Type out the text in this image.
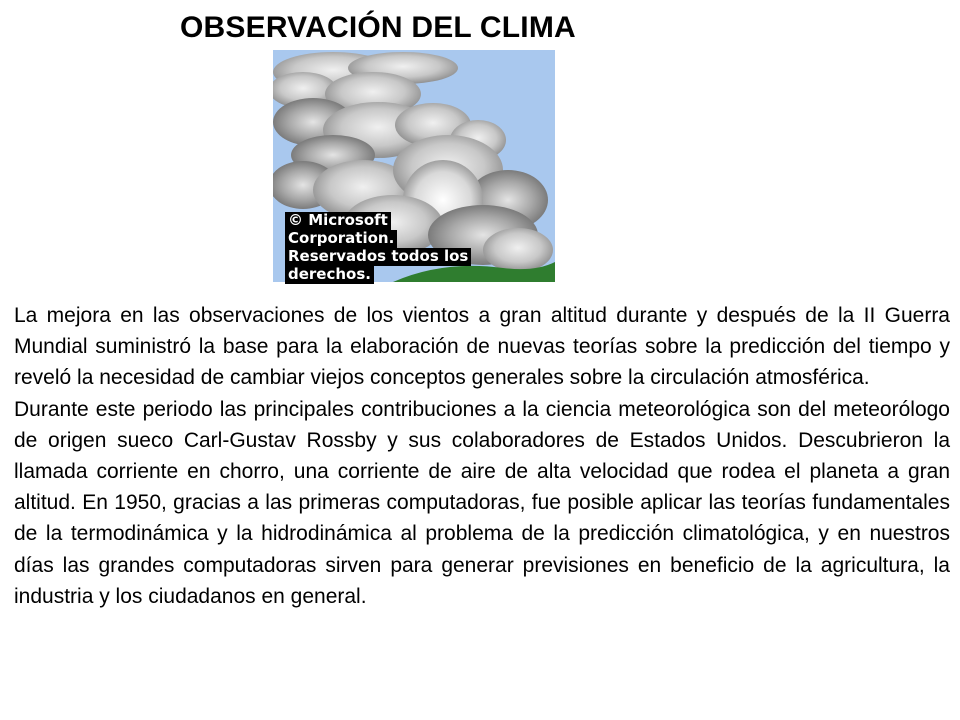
OBSERVACIÓN DEL CLIMA
© Microsoft
Corporation.
Reservados todos los
derechos.

La mejora en las observaciones de los vientos a gran altitud durante y después de la II Guerra Mundial suministró la base para la elaboración de nuevas teorías sobre la predicción del tiempo y reveló la necesidad de cambiar viejos conceptos generales sobre la circulación atmosférica.

Durante este periodo las principales contribuciones a la ciencia meteorológica son del meteorólogo de origen sueco Carl-Gustav Rossby y sus colaboradores de Estados Unidos. Descubrieron la llamada corriente en chorro, una corriente de aire de alta velocidad que rodea el planeta a gran altitud. En 1950, gracias a las primeras computadoras, fue posible aplicar las teorías fundamentales de la termodinámica y la hidrodinámica al problema de la predicción climatológica, y en nuestros días las grandes computadoras sirven para generar previsiones en beneficio de la agricultura, la industria y los ciudadanos en general.
